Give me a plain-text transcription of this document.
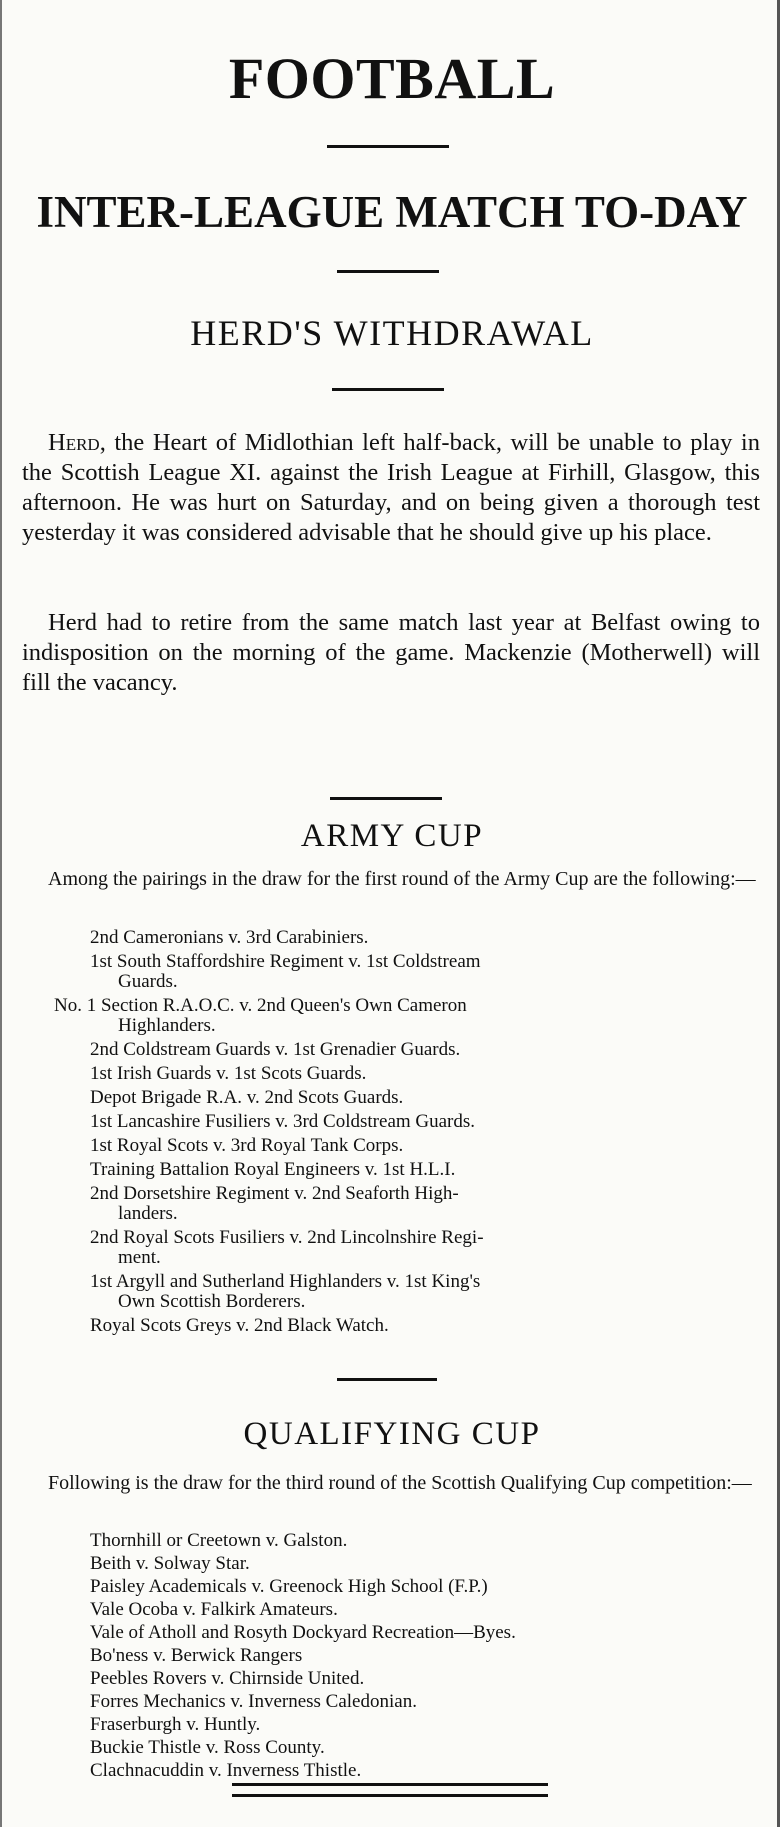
FOOTBALL
INTER-LEAGUE MATCH TO-DAY
HERD'S WITHDRAWAL

Herd, the Heart of Midlothian left half-back, will be unable to play in the Scottish League XI. against the Irish League at Firhill, Glasgow, this afternoon. He was hurt on Saturday, and on being given a thorough test yesterday it was considered advisable that he should give up his place.

Herd had to retire from the same match last year at Belfast owing to indisposition on the morning of the game. Mackenzie (Motherwell) will fill the vacancy.

ARMY CUP

Among the pairings in the draw for the first round of the Army Cup are the following:—

2nd Cameronians v. 3rd Carabiniers.
1st South Staffordshire Regiment v. 1st Coldstream
Guards.
No. 1 Section R.A.O.C. v. 2nd Queen's Own Cameron
Highlanders.
2nd Coldstream Guards v. 1st Grenadier Guards.
1st Irish Guards v. 1st Scots Guards.
Depot Brigade R.A. v. 2nd Scots Guards.
1st Lancashire Fusiliers v. 3rd Coldstream Guards.
1st Royal Scots v. 3rd Royal Tank Corps.
Training Battalion Royal Engineers v. 1st H.L.I.
2nd Dorsetshire Regiment v. 2nd Seaforth High-
landers.
2nd Royal Scots Fusiliers v. 2nd Lincolnshire Regi-
ment.
1st Argyll and Sutherland Highlanders v. 1st King's
Own Scottish Borderers.
Royal Scots Greys v. 2nd Black Watch.
QUALIFYING CUP

Following is the draw for the third round of the Scottish Qualifying Cup competition:—

Thornhill or Creetown v. Galston.
Beith v. Solway Star.
Paisley Academicals v. Greenock High School (F.P.)
Vale Ocoba v. Falkirk Amateurs.
Vale of Atholl and Rosyth Dockyard Recreation—Byes.
Bo'ness v. Berwick Rangers
Peebles Rovers v. Chirnside United.
Forres Mechanics v. Inverness Caledonian.
Fraserburgh v. Huntly.
Buckie Thistle v. Ross County.
Clachnacuddin v. Inverness Thistle.
